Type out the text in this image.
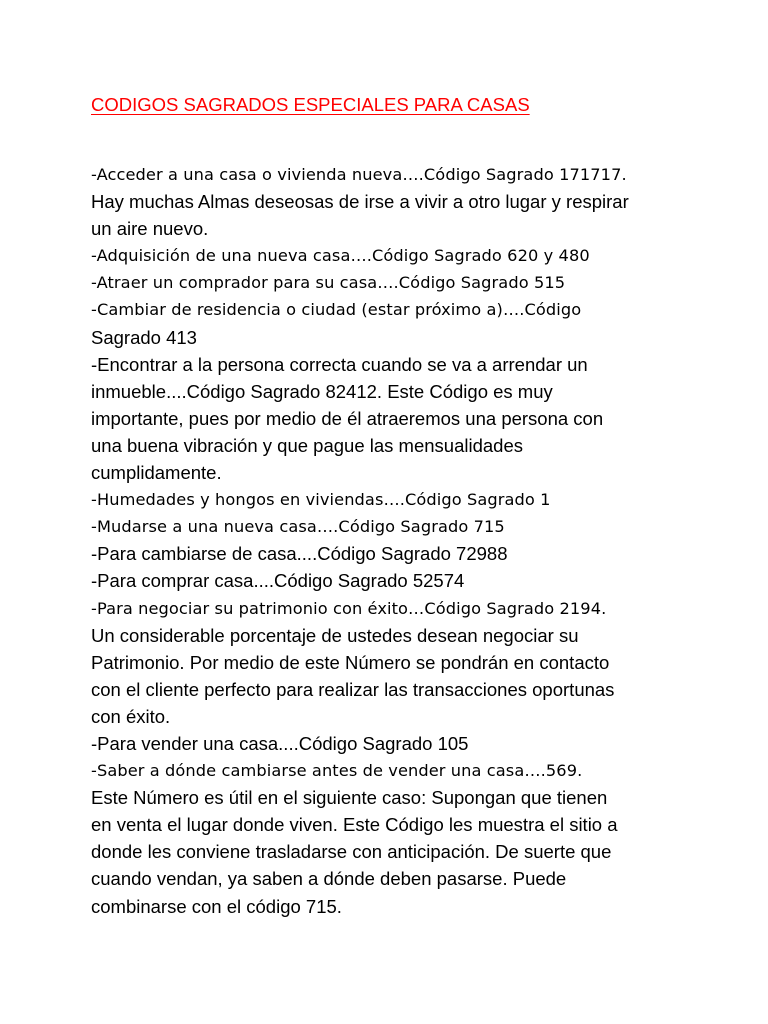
CODIGOS SAGRADOS ESPECIALES PARA CASAS
-Acceder a una casa o vivienda nueva….Código Sagrado 171717.
Hay muchas Almas deseosas de irse a vivir a otro lugar y respirar
un aire nuevo.
-Adquisición de una nueva casa….Código Sagrado 620 y 480
-Atraer un comprador para su casa….Código Sagrado 515
-Cambiar de residencia o ciudad (estar próximo a)….Código
Sagrado 413
-Encontrar a la persona correcta cuando se va a arrendar un
inmueble....Código Sagrado 82412. Este Código es muy
importante, pues por medio de él atraeremos una persona con
una buena vibración y que pague las mensualidades
cumplidamente.
-Humedades y hongos en viviendas….Código Sagrado 1
-Mudarse a una nueva casa….Código Sagrado 715
-Para cambiarse de casa....Código Sagrado 72988
-Para comprar casa....Código Sagrado 52574
-Para negociar su patrimonio con éxito…Código Sagrado 2194.
Un considerable porcentaje de ustedes desean negociar su
Patrimonio. Por medio de este Número se pondrán en contacto
con el cliente perfecto para realizar las transacciones oportunas
con éxito.
-Para vender una casa....Código Sagrado 105
-Saber a dónde cambiarse antes de vender una casa….569.
Este Número es útil en el siguiente caso: Supongan que tienen
en venta el lugar donde viven. Este Código les muestra el sitio a
donde les conviene trasladarse con anticipación. De suerte que
cuando vendan, ya saben a dónde deben pasarse. Puede
combinarse con el código 715.
